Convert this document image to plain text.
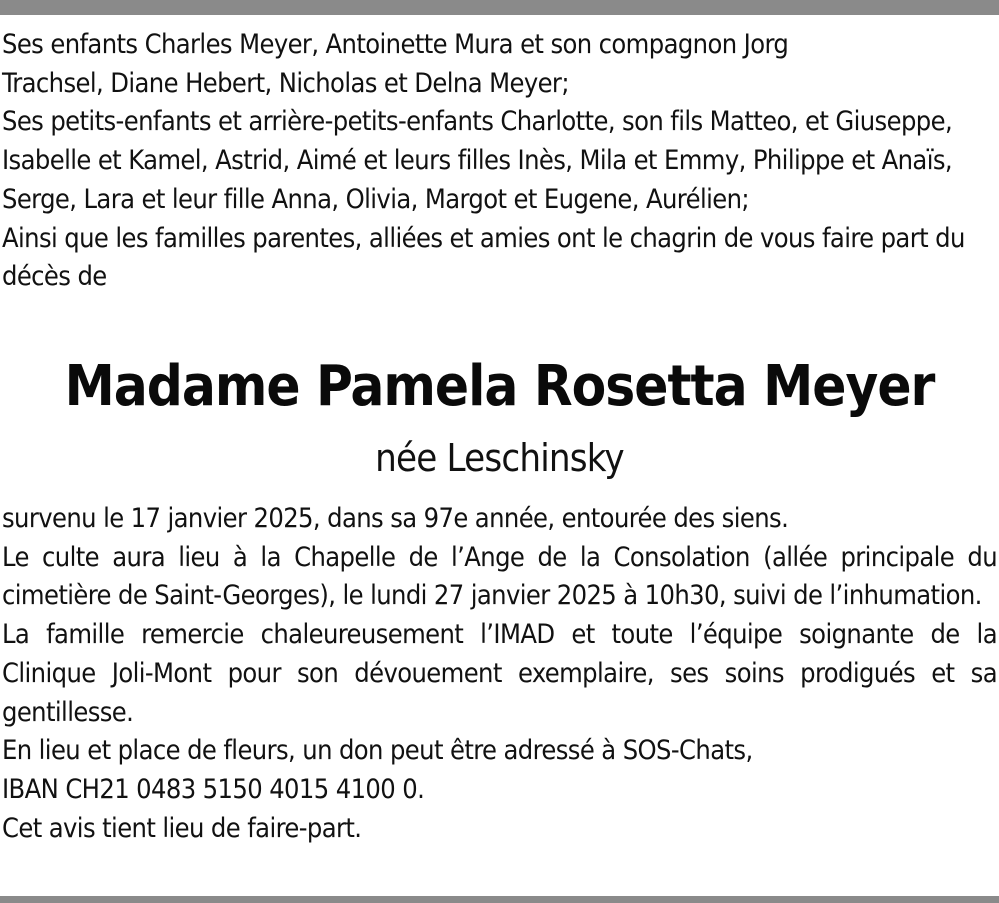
Ses enfants Charles Meyer, Antoinette Mura et son compagnon Jorg Trachsel, Diane Hebert, Nicholas et Delna Meyer;

Ses petits-enfants et arrière-petits-enfants Charlotte, son fils Matteo, et Giuseppe, Isabelle et Kamel, Astrid, Aimé et leurs filles Inès, Mila et Emmy, Philippe et Anaïs, Serge, Lara et leur fille Anna, Olivia, Margot et Eugene, Aurélien;

Ainsi que les familles parentes, alliées et amies ont le chagrin de vous faire part du décès de

Madame Pamela Rosetta Meyer
née Leschinsky

survenu le 17 janvier 2025, dans sa 97e année, entourée des siens.

Le culte aura lieu à la Chapelle de l’Ange de la Consolation (allée principale du cimetière de Saint-Georges), le lundi 27 janvier 2025 à 10h30, suivi de l’inhumation.

La famille remercie chaleureusement l’IMAD et toute l’équipe soignante de la Clinique Joli-Mont pour son dévouement exemplaire, ses soins prodigués et sa gentillesse.

En lieu et place de fleurs, un don peut être adressé à SOS-Chats,

IBAN CH21 0483 5150 4015 4100 0.

Cet avis tient lieu de faire-part.
